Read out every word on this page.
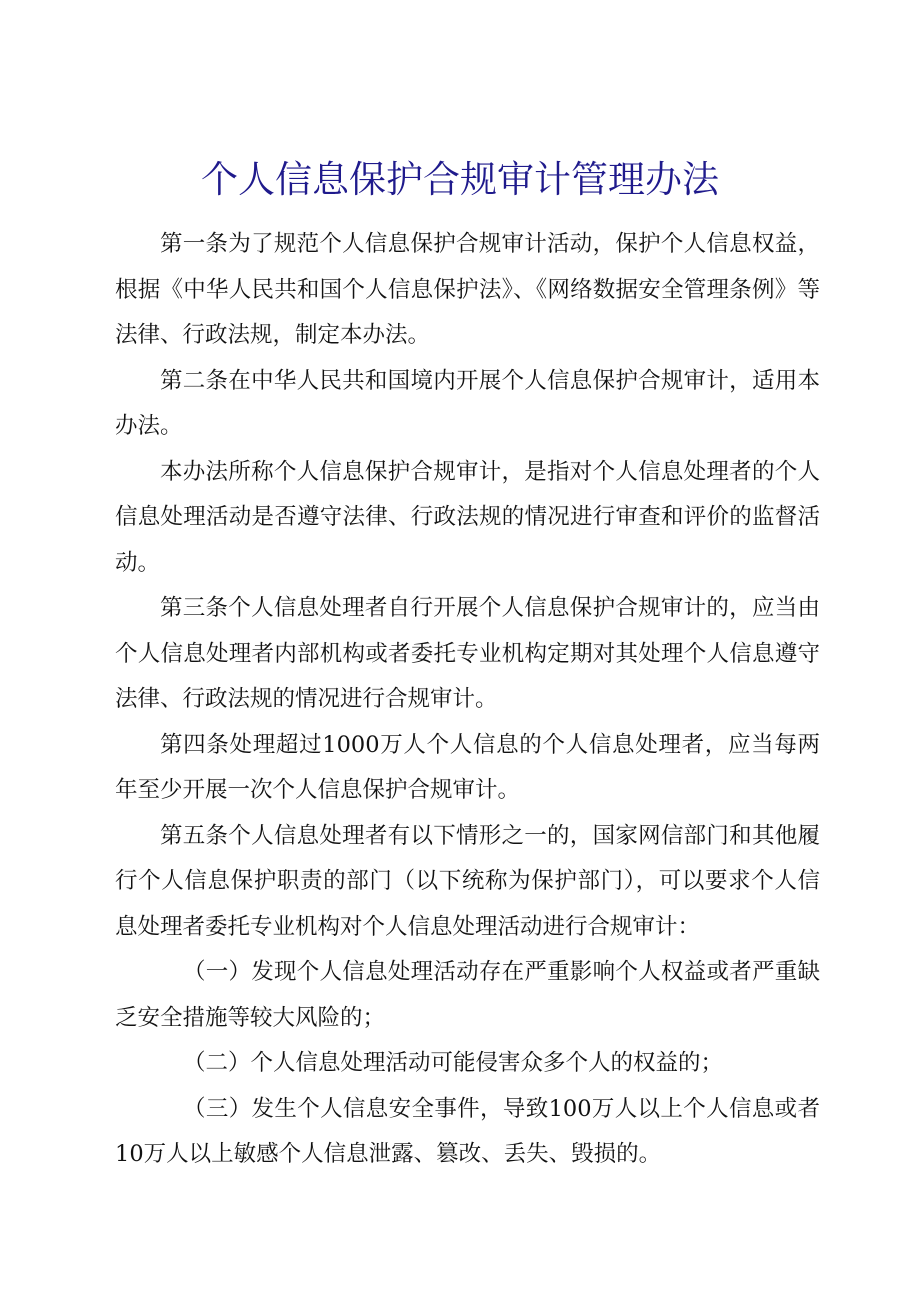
个人信息保护合规审计管理办法

第一条为了规范个人信息保护合规审计活动，保护个人信息权益，根据《中华人民共和国个人信息保护法》、《网络数据安全管理条例》等法律、行政法规，制定本办法。

第二条在中华人民共和国境内开展个人信息保护合规审计，适用本办法。

本办法所称个人信息保护合规审计，是指对个人信息处理者的个人信息处理活动是否遵守法律、行政法规的情况进行审查和评价的监督活动。

第三条个人信息处理者自行开展个人信息保护合规审计的，应当由个人信息处理者内部机构或者委托专业机构定期对其处理个人信息遵守法律、行政法规的情况进行合规审计。

第四条处理超过1000万人个人信息的个人信息处理者，应当每两年至少开展一次个人信息保护合规审计。

第五条个人信息处理者有以下情形之一的，国家网信部门和其他履行个人信息保护职责的部门（以下统称为保护部门），可以要求个人信息处理者委托专业机构对个人信息处理活动进行合规审计：

（一）发现个人信息处理活动存在严重影响个人权益或者严重缺乏安全措施等较大风险的；

（二）个人信息处理活动可能侵害众多个人的权益的；

（三）发生个人信息安全事件，导致100万人以上个人信息或者10万人以上敏感个人信息泄露、篡改、丢失、毁损的。
